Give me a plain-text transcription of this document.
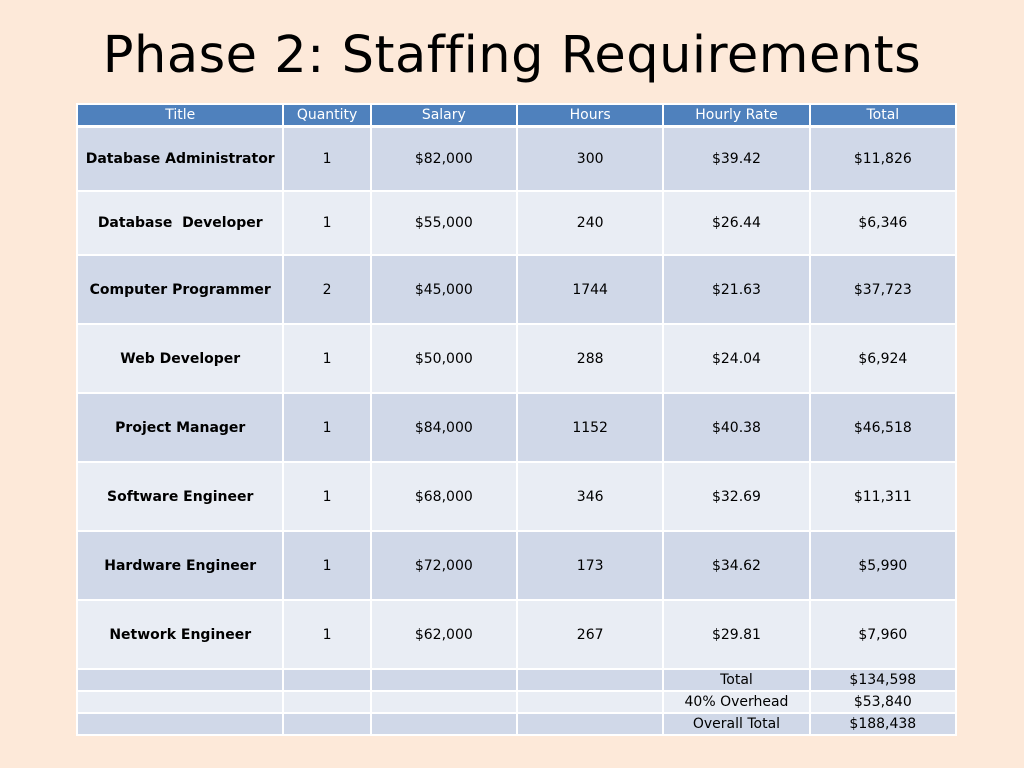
Phase 2: Staffing Requirements
Title	Quantity	Salary	Hours	Hourly Rate	Total
Database Administrator	1	$82,000	300	$39.42	$11,826
Database  Developer	1	$55,000	240	$26.44	$6,346
Computer Programmer	2	$45,000	1744	$21.63	$37,723
Web Developer	1	$50,000	288	$24.04	$6,924
Project Manager	1	$84,000	1152	$40.38	$46,518
Software Engineer	1	$68,000	346	$32.69	$11,311
Hardware Engineer	1	$72,000	173	$34.62	$5,990
Network Engineer	1	$62,000	267	$29.81	$7,960
				Total	$134,598
				40% Overhead	$53,840
				Overall Total	$188,438
